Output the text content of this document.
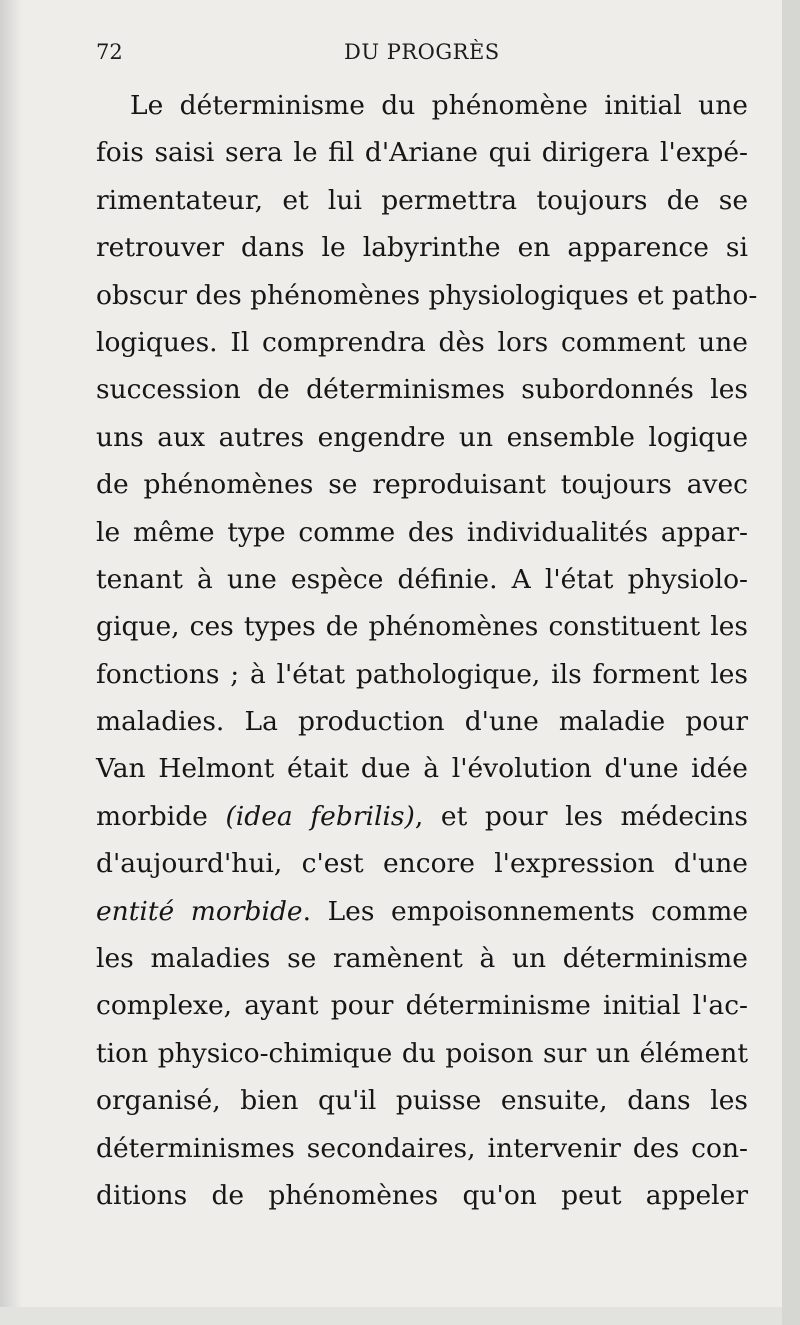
72	DU PROGRÈS
Le déterminisme du phénomène initial une
fois saisi sera le fil d'Ariane qui dirigera l'expé-
rimentateur, et lui permettra toujours de se
retrouver dans le labyrinthe en apparence si
obscur des phénomènes physiologiques et patho-
logiques. Il comprendra dès lors comment une
succession de déterminismes subordonnés les
uns aux autres engendre un ensemble logique
de phénomènes se reproduisant toujours avec
le même type comme des individualités appar-
tenant à une espèce définie. A l'état physiolo-
gique, ces types de phénomènes constituent les
fonctions ; à l'état pathologique, ils forment les
maladies. La production d'une maladie pour
Van Helmont était due à l'évolution d'une idée
morbide (idea febrilis), et pour les médecins
d'aujourd'hui, c'est encore l'expression d'une
entité morbide. Les empoisonnements comme
les maladies se ramènent à un déterminisme
complexe, ayant pour déterminisme initial l'ac-
tion physico-chimique du poison sur un élément
organisé, bien qu'il puisse ensuite, dans les
déterminismes secondaires, intervenir des con-
ditions de phénomènes qu'on peut appeler
